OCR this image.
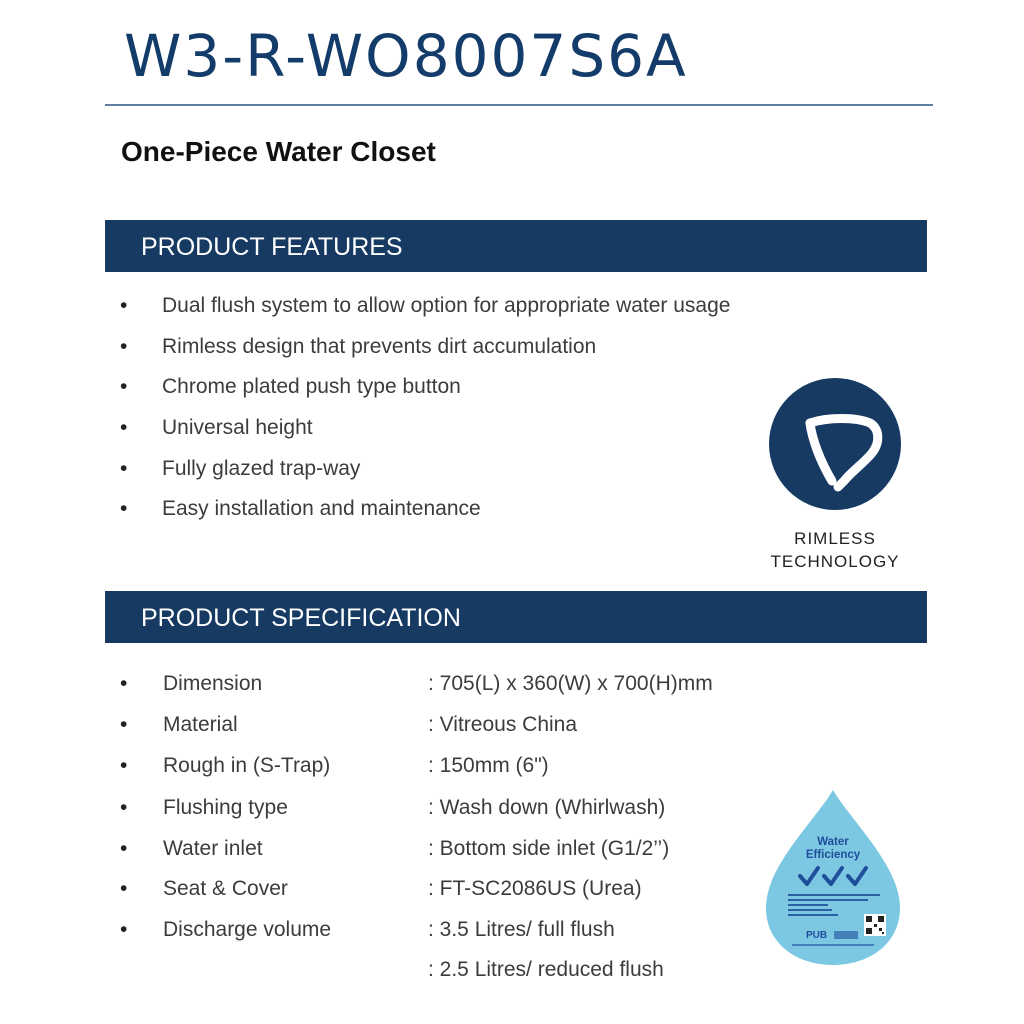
W3-R-WO8007S6A
One-Piece Water Closet
PRODUCT FEATURES
• Dual flush system to allow option for appropriate water usage
• Rimless design that prevents dirt accumulation
• Chrome plated push type button
• Universal height
• Fully glazed trap-way
• Easy installation and maintenance
RIMLESS
TECHNOLOGY
PRODUCT SPECIFICATION
• Dimension	: 705(L) x 360(W) x 700(H)mm
• Material	: Vitreous China
• Rough in (S-Trap)	: 150mm (6")
• Flushing type	: Wash down (Whirlwash)
• Water inlet	: Bottom side inlet (G1/2’’)
• Seat & Cover	: FT-SC2086US (Urea)
• Discharge volume	: 3.5 Litres/ full flush
: 2.5 Litres/ reduced flush
PUB
Water
Efficiency
